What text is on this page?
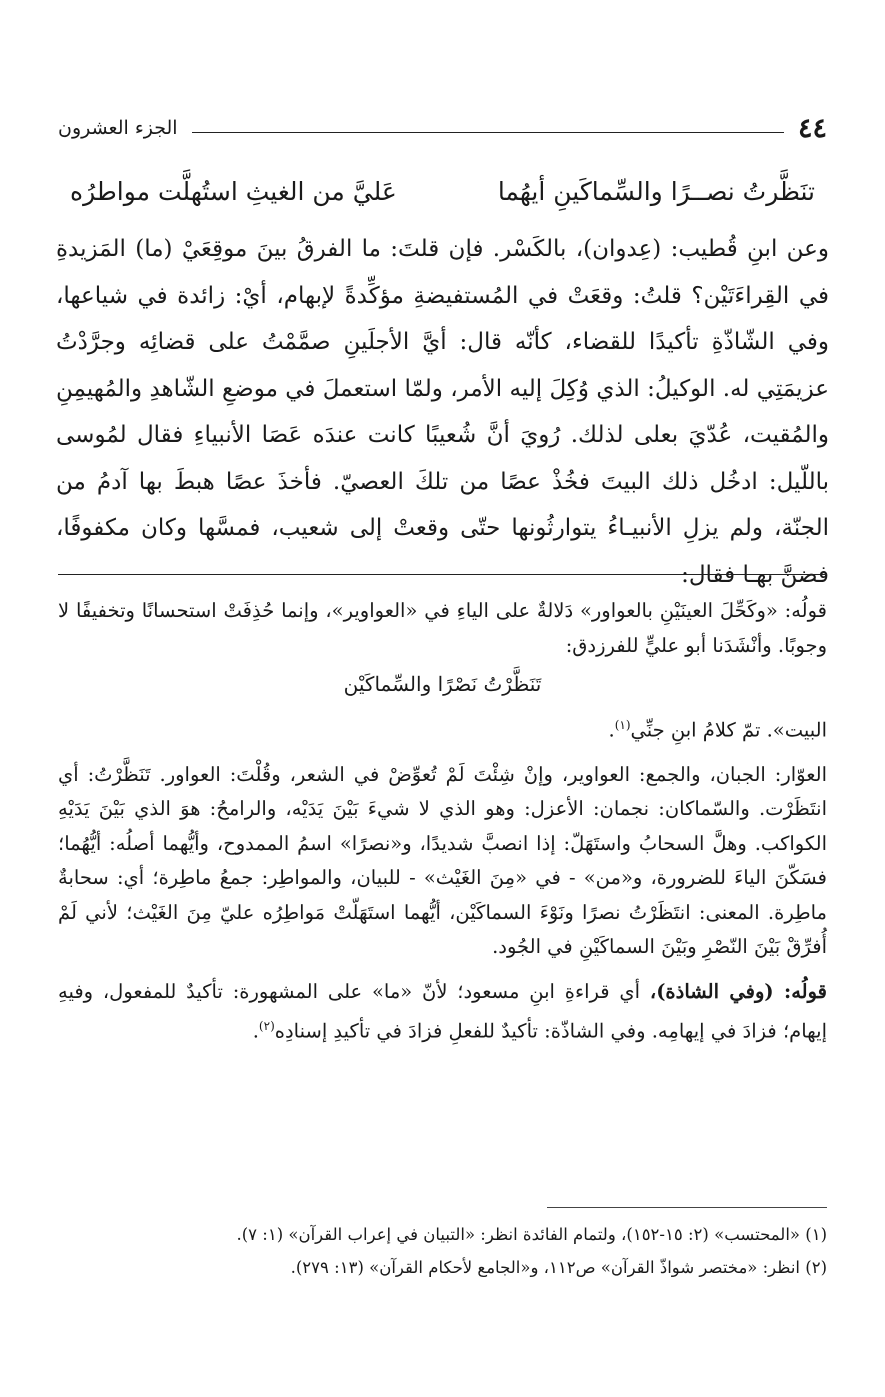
٤٤
الجزء العشرون
تنَظَّرتُ نصــرًا والسِّماكَينِ أيهُما
عَليَّ من الغيثِ استُهلَّت مواطرُه

وعن ابنِ قُطيب: (عِدوان)، بالكَسْر. فإن قلتَ: ما الفرقُ بينَ موقِعَيْ (ما) المَزيدةِ في القِراءَتَيْن؟ قلتُ: وقعَتْ في المُستفيضةِ مؤكِّدةً لإبهام، أيْ: زائدة في شياعها، وفي الشّاذّةِ تأكيدًا للقضاء، كأنّه قال: أيَّ الأجلَينِ صمَّمْتُ على قضائِه وجرَّدْتُ عزيمَتِي له. الوكيلُ: الذي وُكِلَ إليه الأمر، ولمّا استعملَ في موضعِ الشّاهدِ والمُهيمِنِ والمُقيت، عُدّيَ بعلى لذلك. رُويَ أنَّ شُعيبًا كانت عندَه عَصَا الأنبياءِ فقال لمُوسى باللّيل: ادخُل ذلك البيتَ فخُذْ عصًا من تلكَ العصيّ. فأخذَ عصًا هبطَ بها آدمُ من الجنّة، ولم يزلِ الأنبيـاءُ يتوارثُونها حتّى وقعتْ إلى شعيب، فمسَّها وكان مكفوفًا، فضنَّ بهـا فقال:

قولُه: «وكَحِّلَ العينَيْنِ بالعواور» دَلالةٌ على الياءِ في «العواوير»، وإنما حُذِفَتْ استحسانًا وتخفيفًا لا وجوبًا. وأنْشَدَنا أبو عليٍّ للفرزدق:

تَنَظَّرْتُ نَصْرًا والسِّماكَيْن

البيت». تمّ كلامُ ابنِ جنِّي$^{(١)}$.

العوّار: الجبان، والجمع: العواوير، وإنْ شِئْتَ لَمْ تُعوِّضْ في الشعر، وقُلْتَ: العواور. تَنَظَّرْتُ: أي انتَظَرْت. والسّماكان: نجمان: الأعزل: وهو الذي لا شيءَ بَيْنَ يَدَيْه، والرامحُ: هوَ الذي بَيْنَ يَدَيْهِ الكواكب. وهلَّ السحابُ واستَهَلّ: إذا انصبَّ شديدًا، و«نصرًا» اسمُ الممدوح، وأيُّهما أصلُه: أيُّهُما؛ فسَكّنَ الياءَ للضرورة، و«من» - في «مِنَ الغَيْث» - للبيان، والمواطِر: جمعُ ماطِرة؛ أي: سحابةٌ ماطِرة. المعنى: انتَظَرْتُ نصرًا ونَوْءَ السماكَيْن، أيُّهما استَهَلّتْ مَواطِرُه عليّ مِنَ الغَيْث؛ لأني لَمْ أُفرِّقْ بَيْنَ النّصْرِ وبَيْنَ السماكَيْنِ في الجُود.

قولُه: (وفي الشاذة)، أي قراءةِ ابنِ مسعود؛ لأنّ «ما» على المشهورة: تأكيدٌ للمفعول، وفيهِ إيهام؛ فزادَ في إيهامِه. وفي الشاذّة: تأكيدٌ للفعلِ فزادَ في تأكيدِ إسنادِه$^{(٢)}$.

(١) «المحتسب» (٢: ١٥-١٥٢)، ولتمام الفائدة انظر: «التبيان في إعراب القرآن» (١: ٧).

(٢) انظر: «مختصر شواذّ القرآن» ص١١٢، و«الجامع لأحكام القرآن» (١٣: ٢٧٩).
